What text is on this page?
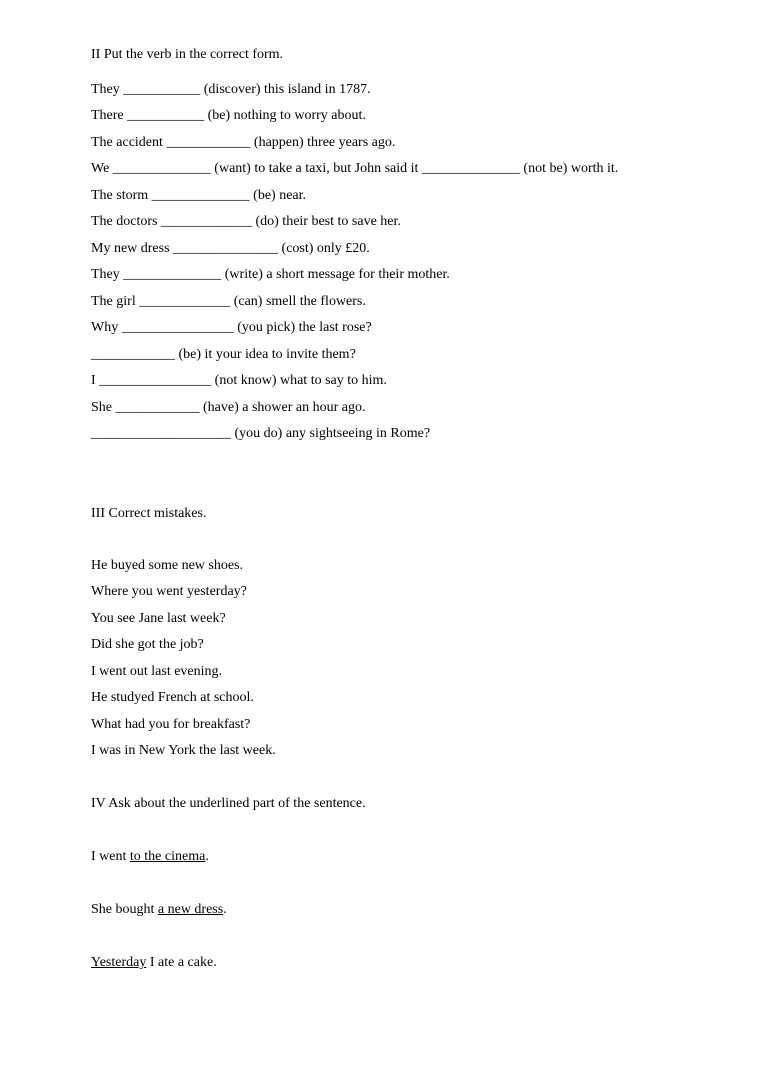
II Put the verb in the correct form.
They ___________ (discover) this island in 1787.
There ___________ (be) nothing to worry about.
The accident ____________ (happen) three years ago.
We ______________ (want) to take a taxi, but John said it ______________ (not be) worth it.
The storm ______________ (be) near.
The doctors _____________ (do) their best to save her.
My new dress _______________ (cost) only £20.
They ______________ (write) a short message for their mother.
The girl _____________ (can) smell the flowers.
Why ________________ (you pick) the last rose?
____________ (be) it your idea to invite them?
I ________________ (not know) what to say to him.
She ____________ (have) a shower an hour ago.
____________________ (you do) any sightseeing in Rome?
III Correct mistakes.
He buyed some new shoes.
Where you went yesterday?
You see Jane last week?
Did she got the job?
I went out last evening.
He studyed French at school.
What had you for breakfast?
I was in New York the last week.
IV Ask about the underlined part of the sentence.
I went to the cinema.
She bought a new dress.
Yesterday I ate a cake.
